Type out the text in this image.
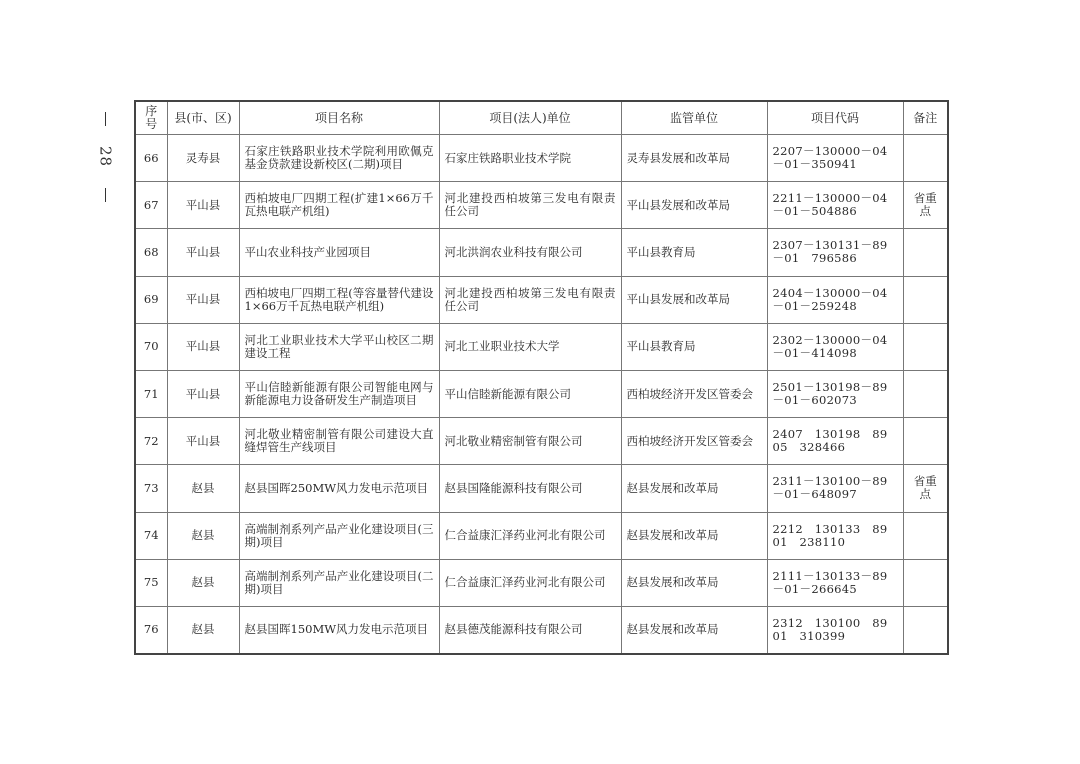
28
序号	县(市、区)	项目名称	项目(法人)单位	监管单位	项目代码	备注
66	灵寿县	石家庄铁路职业技术学院利用欧佩克基金贷款建设新校区(二期)项目	石家庄铁路职业技术学院	灵寿县发展和改革局	2207－130000－04－01－350941	
67	平山县	西柏坡电厂四期工程(扩建1×66万千瓦热电联产机组)	河北建投西柏坡第三发电有限责任公司	平山县发展和改革局	2211－130000－04－01－504886	省重点
68	平山县	平山农业科技产业园项目	河北洪润农业科技有限公司	平山县教育局	2307－130131－89－01　796586	
69	平山县	西柏坡电厂四期工程(等容量替代建设1×66万千瓦热电联产机组)	河北建投西柏坡第三发电有限责任公司	平山县发展和改革局	2404－130000－04－01－259248	
70	平山县	河北工业职业技术大学平山校区二期建设工程	河北工业职业技术大学	平山县教育局	2302－130000－04－01－414098	
71	平山县	平山信睦新能源有限公司智能电网与新能源电力设备研发生产制造项目	平山信睦新能源有限公司	西柏坡经济开发区管委会	2501－130198－89－01－602073	
72	平山县	河北敬业精密制管有限公司建设大直缝焊管生产线项目	河北敬业精密制管有限公司	西柏坡经济开发区管委会	2407　130198　89　05　328466	
73	赵县	赵县国晖250MW风力发电示范项目	赵县国隆能源科技有限公司	赵县发展和改革局	2311－130100－89－01－648097	省重点
74	赵县	高端制剂系列产品产业化建设项目(三期)项目	仁合益康汇泽药业河北有限公司	赵县发展和改革局	2212　130133　89　01　238110	
75	赵县	高端制剂系列产品产业化建设项目(二期)项目	仁合益康汇泽药业河北有限公司	赵县发展和改革局	2111－130133－89－01－266645	
76	赵县	赵县国晖150MW风力发电示范项目	赵县德茂能源科技有限公司	赵县发展和改革局	2312　130100　89　01　310399	
